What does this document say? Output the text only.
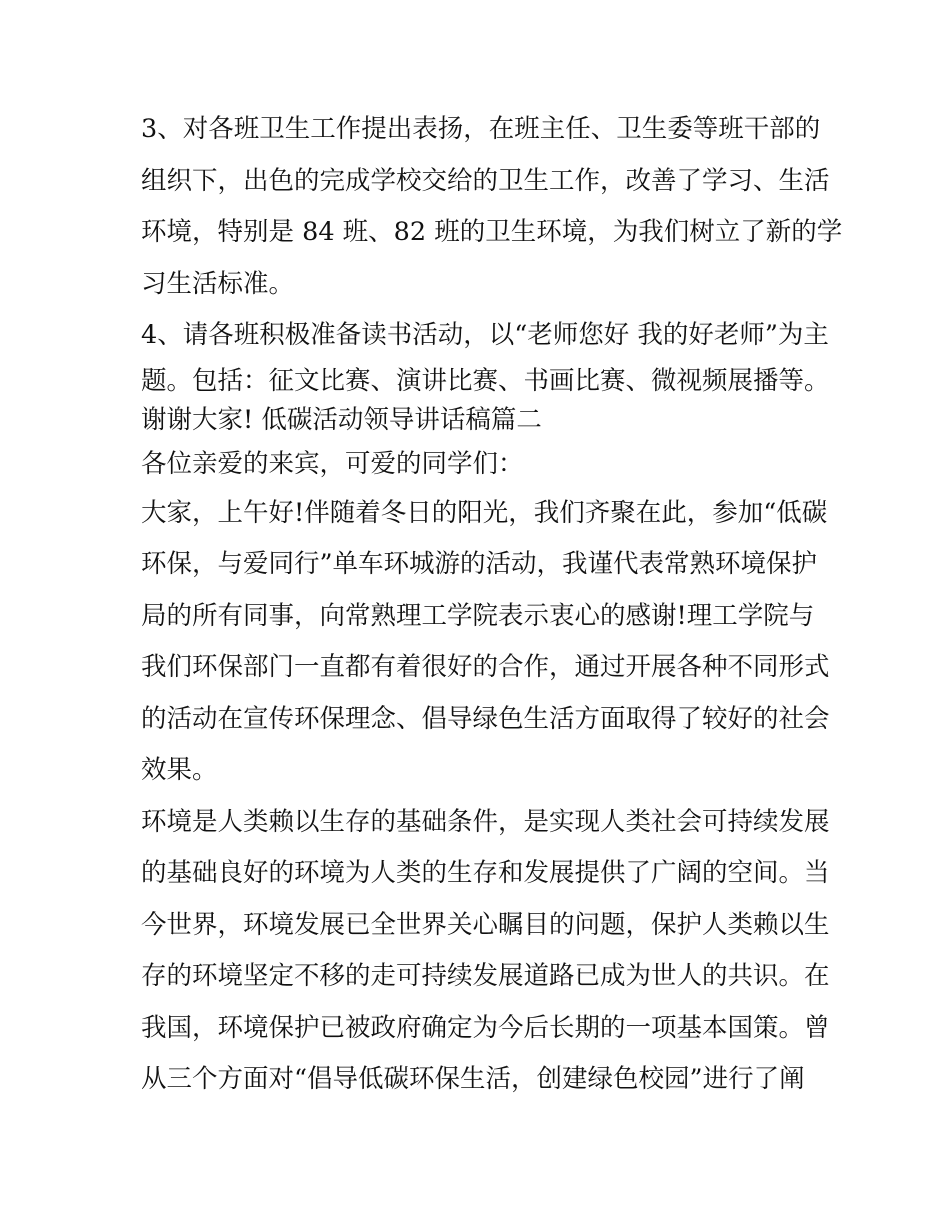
3、对各班卫生工作提出表扬，在班主任、卫生委等班干部的
组织下，出色的完成学校交给的卫生工作，改善了学习、生活
环境，特别是 84 班、82 班的卫生环境，为我们树立了新的学
习生活标准。
4、请各班积极准备读书活动，以“老师您好 我的好老师”为主
题。包括：征文比赛、演讲比赛、书画比赛、微视频展播等。
谢谢大家! 低碳活动领导讲话稿篇二
各位亲爱的来宾，可爱的同学们：
大家，上午好!伴随着冬日的阳光，我们齐聚在此，参加“低碳
环保，与爱同行”单车环城游的活动，我谨代表常熟环境保护
局的所有同事，向常熟理工学院表示衷心的感谢!理工学院与
我们环保部门一直都有着很好的合作，通过开展各种不同形式
的活动在宣传环保理念、倡导绿色生活方面取得了较好的社会
效果。
环境是人类赖以生存的基础条件，是实现人类社会可持续发展
的基础良好的环境为人类的生存和发展提供了广阔的空间。当
今世界，环境发展已全世界关心瞩目的问题，保护人类赖以生
存的环境坚定不移的走可持续发展道路已成为世人的共识。在
我国，环境保护已被政府确定为今后长期的一项基本国策。曾
从三个方面对“倡导低碳环保生活，创建绿色校园”进行了阐
